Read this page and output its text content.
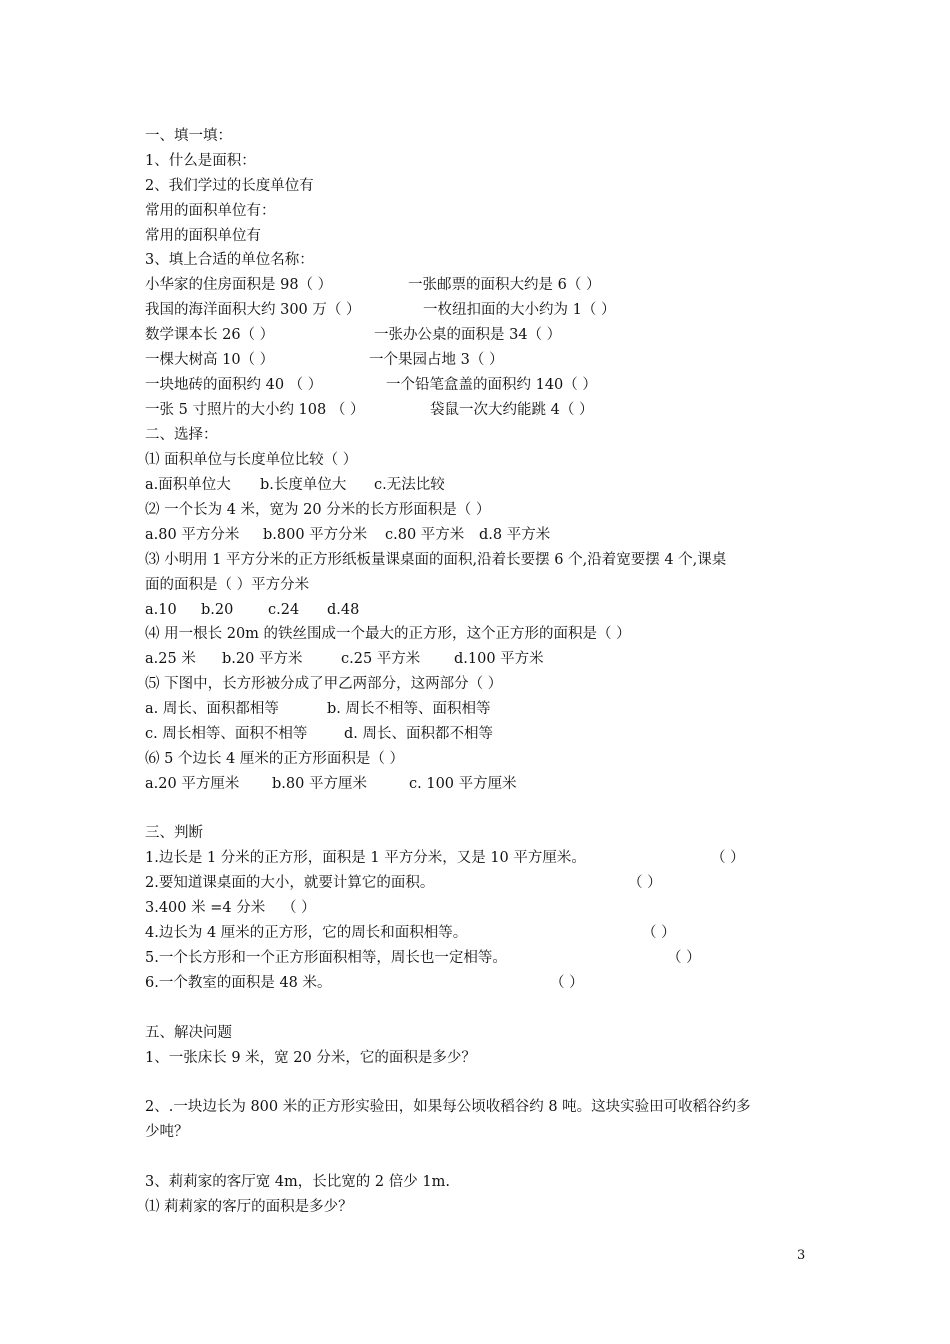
一、填一填：
1、什么是面积：
2、我们学过的长度单位有
常用的面积单位有：
常用的面积单位有
3、填上合适的单位名称：
小华家的住房面积是 98（ ）	一张邮票的面积大约是 6（ ）
我国的海洋面积大约 300 万（ ）	一枚纽扣面的大小约为 1（ ）
数学课本长 26（ ）	一张办公桌的面积是 34（ ）
一棵大树高 10（ ）	一个果园占地 3（ ）
一块地砖的面积约 40 （ ）	一个铅笔盒盖的面积约 140（ ）
一张 5 寸照片的大小约 108 （ ）	袋鼠一次大约能跳 4（ ）
二、选择：
⑴ 面积单位与长度单位比较（ ）
a.面积单位大 b.长度单位大 c.无法比较
⑵ 一个长为 4 米，宽为 20 分米的长方形面积是（ ）
a.80 平方分米 b.800 平方分米 c.80 平方米 d.8 平方米
⑶ 小明用 1 平方分米的正方形纸板量课桌面的面积,沿着长要摆 6 个,沿着宽要摆 4 个,课桌
面的面积是（ ）平方分米
a.10 b.20 c.24 d.48
⑷ 用一根长 20m 的铁丝围成一个最大的正方形，这个正方形的面积是（ ）
a.25 米 b.20 平方米	c.25 平方米 d.100 平方米
⑸ 下图中，长方形被分成了甲乙两部分，这两部分（ ）
a. 周长、面积都相等	b. 周长不相等、面积相等
c. 周长相等、面积不相等	d. 周长、面积都不相等
⑹ 5 个边长 4 厘米的正方形面积是（ ）
a.20 平方厘米 b.80 平方厘米	c. 100 平方厘米
三、判断
1.边长是 1 分米的正方形，面积是 1 平方分米，又是 10 平方厘米。	（ ）
2.要知道课桌面的大小，就要计算它的面积。	（ ）
3.400 米 =4 分米 （ ）
4.边长为 4 厘米的正方形，它的周长和面积相等。	（ ）
5.一个长方形和一个正方形面积相等，周长也一定相等。	（ ）
6.一个教室的面积是 48 米。	（ ）
五、解决问题
1、一张床长 9 米，宽 20 分米，它的面积是多少？
2、.一块边长为 800 米的正方形实验田，如果每公顷收稻谷约 8 吨。这块实验田可收稻谷约多
少吨？
3、莉莉家的客厅宽 4m，长比宽的 2 倍少 1m.
⑴ 莉莉家的客厅的面积是多少？
3
